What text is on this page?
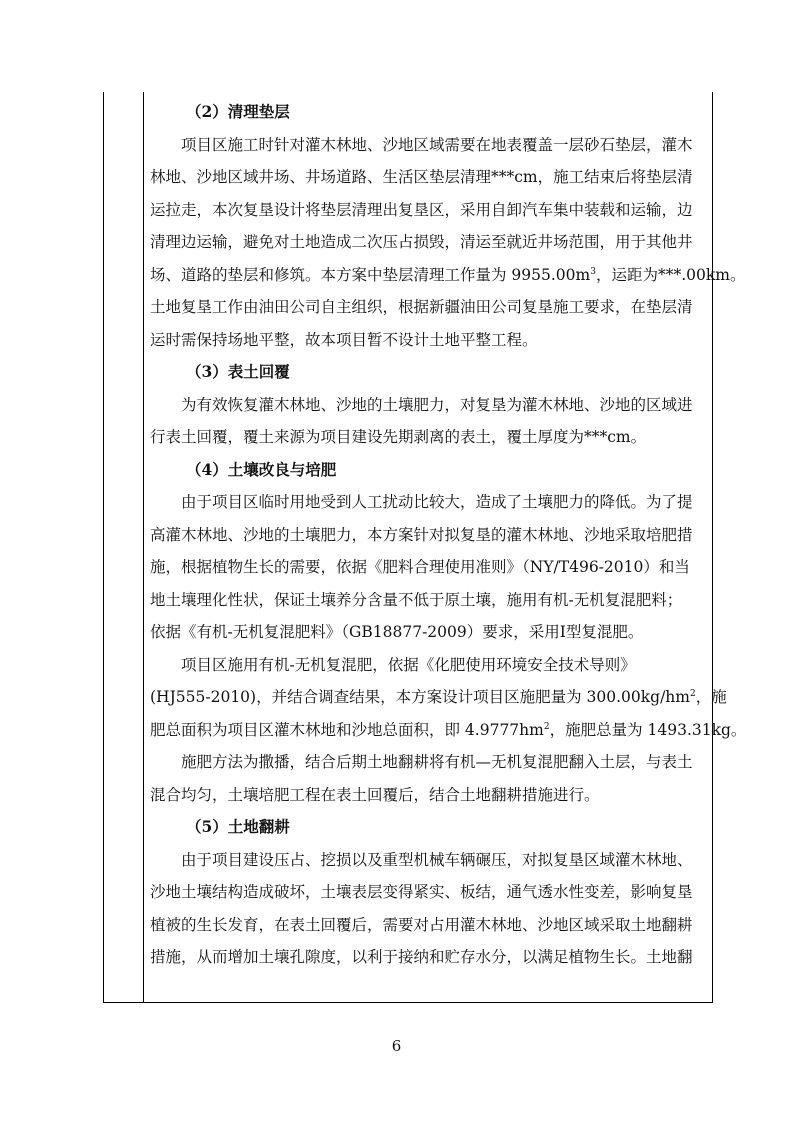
（2）清理垫层

项目区施工时针对灌木林地、沙地区域需要在地表覆盖一层砂石垫层，灌木
林地、沙地区域井场、井场道路、生活区垫层清理***cm，施工结束后将垫层清
运拉走，本次复垦设计将垫层清理出复垦区，采用自卸汽车集中装载和运输，边
清理边运输，避免对土地造成二次压占损毁，清运至就近井场范围，用于其他井
场、道路的垫层和修筑。本方案中垫层清理工作量为 $9955.00m^3$，运距为***.00km。
土地复垦工作由油田公司自主组织，根据新疆油田公司复垦施工要求，在垫层清
运时需保持场地平整，故本项目暂不设计土地平整工程。

（3）表土回覆

为有效恢复灌木林地、沙地的土壤肥力，对复垦为灌木林地、沙地的区域进
行表土回覆，覆土来源为项目建设先期剥离的表土，覆土厚度为***cm。

（4）土壤改良与培肥

由于项目区临时用地受到人工扰动比较大，造成了土壤肥力的降低。为了提
高灌木林地、沙地的土壤肥力，本方案针对拟复垦的灌木林地、沙地采取培肥措
施，根据植物生长的需要，依据《肥料合理使用准则》（NY/T496-2010）和当
地土壤理化性状，保证土壤养分含量不低于原土壤，施用有机-无机复混肥料；
依据《有机-无机复混肥料》（GB18877-2009）要求，采用Ⅰ型复混肥。
项目区施用有机-无机复混肥，依据《化肥使用环境安全技术导则》
(HJ555-2010)，并结合调查结果，本方案设计项目区施肥量为 $300.00kg/hm^2$，施
肥总面积为项目区灌木林地和沙地总面积，即 $4.9777hm^2$，施肥总量为 1493.31kg。
施肥方法为撒播，结合后期土地翻耕将有机—无机复混肥翻入土层，与表土
混合均匀，土壤培肥工程在表土回覆后，结合土地翻耕措施进行。

（5）土地翻耕

由于项目建设压占、挖损以及重型机械车辆碾压，对拟复垦区域灌木林地、
沙地土壤结构造成破坏，土壤表层变得紧实、板结，通气透水性变差，影响复垦
植被的生长发育，在表土回覆后，需要对占用灌木林地、沙地区域采取土地翻耕
措施，从而增加土壤孔隙度，以利于接纳和贮存水分，以满足植物生长。土地翻
6
